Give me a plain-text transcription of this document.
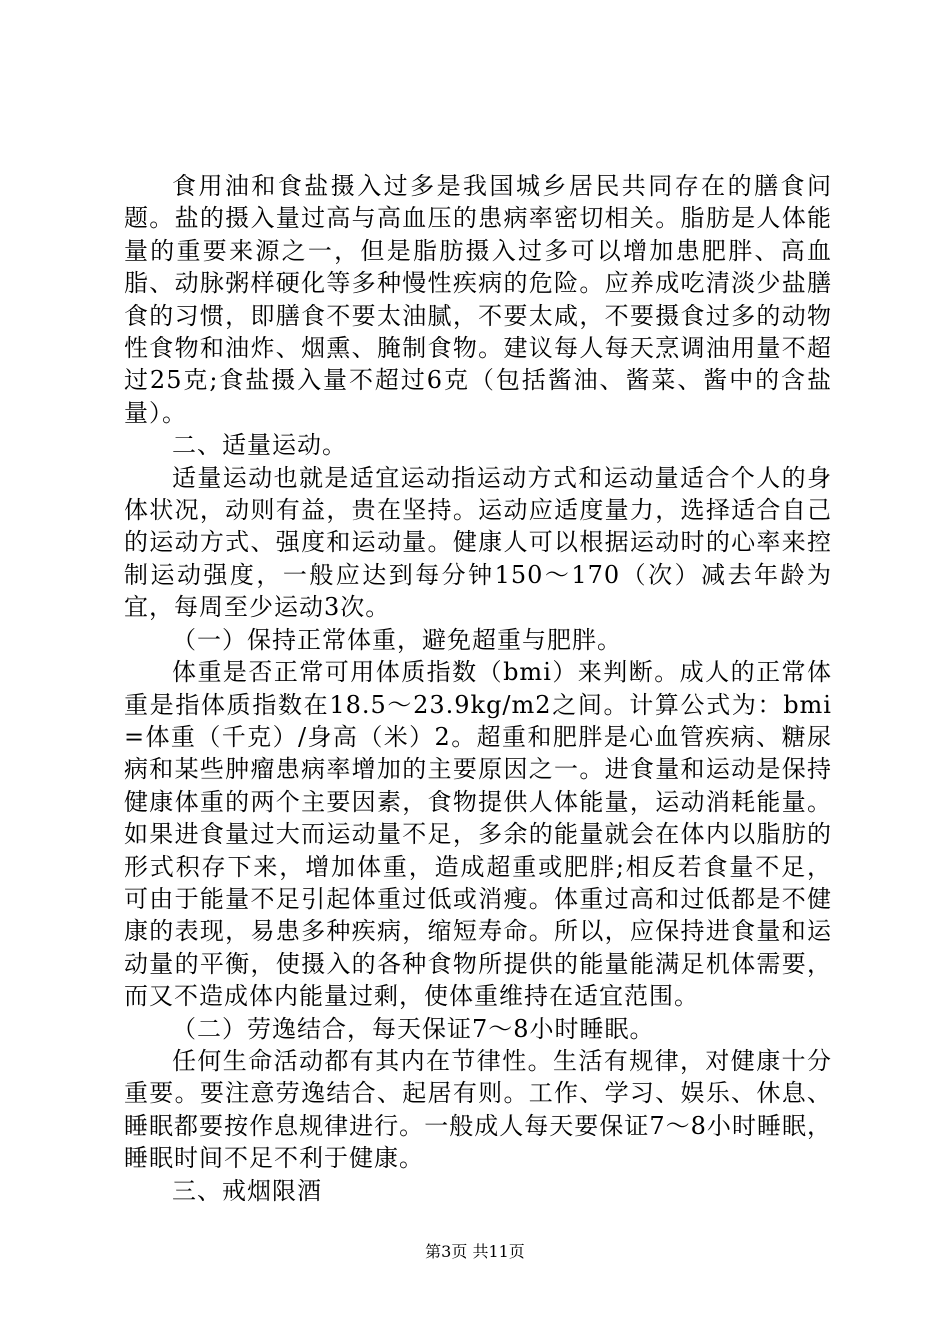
食用油和食盐摄入过多是我国城乡居民共同存在的膳食问题。盐的摄入量过高与高血压的患病率密切相关。脂肪是人体能量的重要来源之一，但是脂肪摄入过多可以增加患肥胖、高血脂、动脉粥样硬化等多种慢性疾病的危险。应养成吃清淡少盐膳食的习惯，即膳食不要太油腻，不要太咸，不要摄食过多的动物性食物和油炸、烟熏、腌制食物。建议每人每天烹调油用量不超过25克;食盐摄入量不超过6克（包括酱油、酱菜、酱中的含盐量）。

二、适量运动。

适量运动也就是适宜运动指运动方式和运动量适合个人的身体状况，动则有益，贵在坚持。运动应适度量力，选择适合自己的运动方式、强度和运动量。健康人可以根据运动时的心率来控制运动强度，一般应达到每分钟150～170（次）减去年龄为宜，每周至少运动3次。

（一）保持正常体重，避免超重与肥胖。

体重是否正常可用体质指数（bmi）来判断。成人的正常体重是指体质指数在18.5～23.9kg/m2之间。计算公式为：bmi=体重（千克）/身高（米）2。超重和肥胖是心血管疾病、糖尿病和某些肿瘤患病率增加的主要原因之一。进食量和运动是保持健康体重的两个主要因素，食物提供人体能量，运动消耗能量。如果进食量过大而运动量不足，多余的能量就会在体内以脂肪的形式积存下来，增加体重，造成超重或肥胖;相反若食量不足，可由于能量不足引起体重过低或消瘦。体重过高和过低都是不健康的表现，易患多种疾病，缩短寿命。所以，应保持进食量和运动量的平衡，使摄入的各种食物所提供的能量能满足机体需要，而又不造成体内能量过剩，使体重维持在适宜范围。

（二）劳逸结合，每天保证7～8小时睡眠。

任何生命活动都有其内在节律性。生活有规律，对健康十分重要。要注意劳逸结合、起居有则。工作、学习、娱乐、休息、睡眠都要按作息规律进行。一般成人每天要保证7～8小时睡眠，睡眠时间不足不利于健康。

三、戒烟限酒

第3页 共11页
